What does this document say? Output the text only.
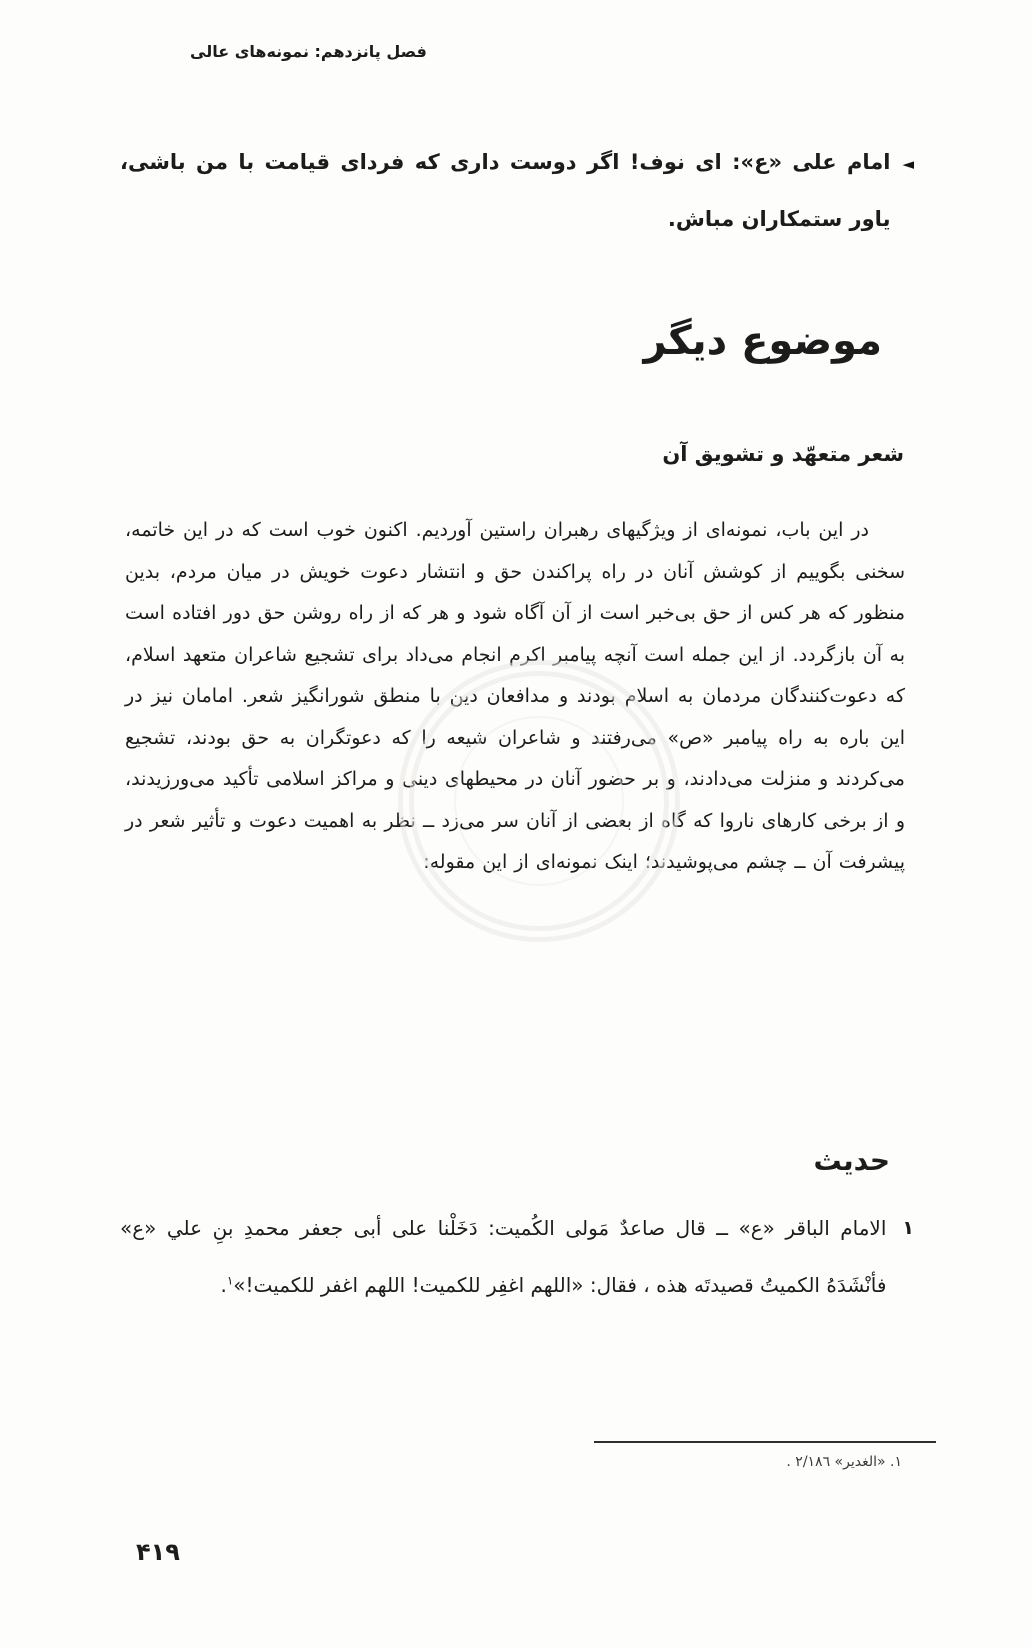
فصل پانزدهم: نمونه‌های عالی
◄
امام علی «ع»: ای نوف! اگر دوست داری که فردای قیامت با من باشی، یاور ستمکاران مباش.
موضوع دیگر
شعر متعهّد و تشویق آن
در این باب، نمونه‌ای از ویژگیهای رهبران راستین آوردیم. اکنون خوب است که در این خاتمه، سخنی بگوییم از کوشش آنان در راه پراکندن حق و انتشار دعوت خویش در میان مردم، بدین منظور که هر کس از حق بی‌خبر است از آن آگاه شود و هر که از راه روشن حق دور افتاده است به آن بازگردد. از این جمله است آنچه پیامبر اکرم انجام می‌داد برای تشجیع شاعران متعهد اسلام، که دعوت‌کنندگان مردمان به اسلام بودند و مدافعان دین با منطق شورانگیز شعر. امامان نیز در این باره به راه پیامبر «ص» می‌رفتند و شاعران شیعه را که دعوتگران به حق بودند، تشجیع می‌کردند و منزلت می‌دادند، و بر حضور آنان در محیطهای دینی و مراکز اسلامی تأکید می‌ورزیدند، و از برخی کارهای ناروا که گاه از بعضی از آنان سر می‌زد ــ نظر به اهمیت دعوت و تأثیر شعر در پیشرفت آن ــ چشم می‌پوشیدند؛ اینک نمونه‌ای از این مقوله:
حدیث
١
الامام الباقر «ع» ــ قال صاعدٌ مَولی الکُمیت: دَخَلْنا علی أبی جعفر محمدِ بنِ علي «ع» فأنْشَدَهُ الکمیتُ قصیدتَه هذه ، فقال: «اللهم اغفِر للکمیت! اللهم اغفر للکمیت!»$^١$.
١. «الغدیر» ٢/١٨٦ .
۴۱۹
